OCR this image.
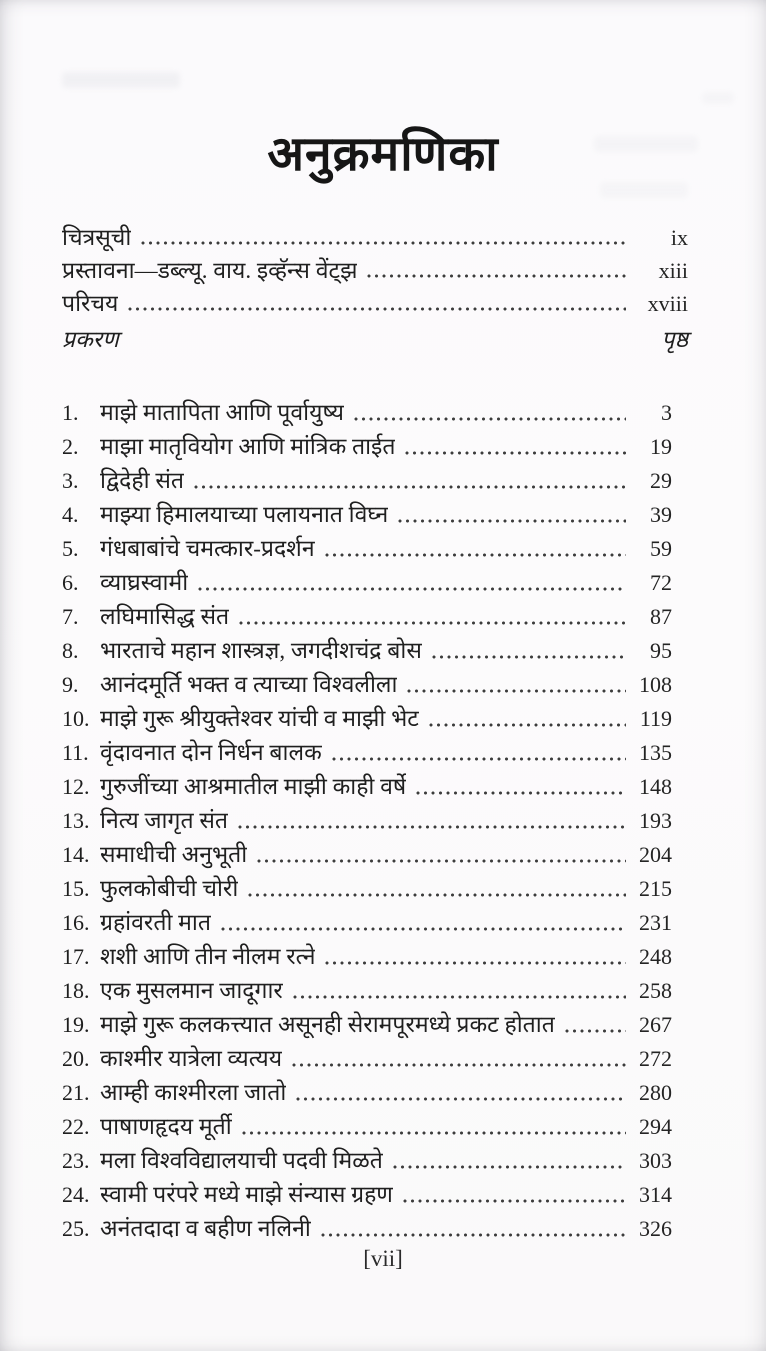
अनुक्रमणिका
चित्रसूची	ix
प्रस्तावना—डब्ल्यू. वाय. इव्हॅन्स वेंट्झ	xiii
परिचय	xviii
प्रकरण	पृष्ठ
1. माझे मातापिता आणि पूर्वायुष्य	3
2. माझा मातृवियोग आणि मांत्रिक ताईत	19
3. द्विदेही संत	29
4. माझ्या हिमालयाच्या पलायनात विघ्न	39
5. गंधबाबांचे चमत्कार-प्रदर्शन	59
6. व्याघ्रस्वामी	72
7. लघिमासिद्ध संत	87
8. भारताचे महान शास्त्रज्ञ, जगदीशचंद्र बोस	95
9. आनंदमूर्ति भक्त व त्याच्या विश्वलीला	108
10. माझे गुरू श्रीयुक्तेश्वर यांची व माझी भेट	119
11. वृंदावनात दोन निर्धन बालक	135
12. गुरुजींच्या आश्रमातील माझी काही वर्षे	148
13. नित्य जागृत संत	193
14. समाधीची अनुभूती	204
15. फुलकोबीची चोरी	215
16. ग्रहांवरती मात	231
17. शशी आणि तीन नीलम रत्ने	248
18. एक मुसलमान जादूगार	258
19. माझे गुरू कलकत्त्यात असूनही सेरामपूरमध्ये प्रकट होतात	267
20. काश्मीर यात्रेला व्यत्यय	272
21. आम्ही काश्मीरला जातो	280
22. पाषाणहृदय मूर्ती	294
23. मला विश्वविद्यालयाची पदवी मिळते	303
24. स्वामी परंपरे मध्ये माझे संन्यास ग्रहण	314
25. अनंतदादा व बहीण नलिनी	326
[vii]
